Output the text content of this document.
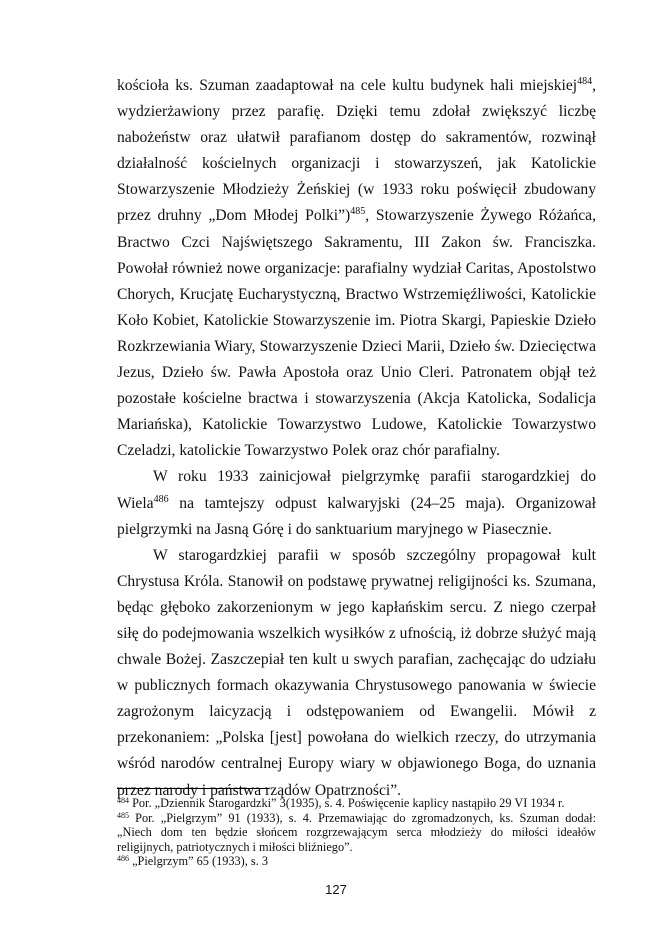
kościoła ks. Szuman zaadaptował na cele kultu budynek hali miejskiej$^{484}$, wydzierżawiony przez parafię. Dzięki temu zdołał zwiększyć liczbę nabożeństw oraz ułatwił parafianom dostęp do sakramentów, rozwinął działalność kościelnych organizacji i stowarzyszeń, jak Katolickie Stowarzyszenie Młodzieży Żeńskiej (w 1933 roku poświęcił zbudowany przez druhny „Dom Młodej Polki”)$^{485}$, Stowarzyszenie Żywego Różańca, Bractwo Czci Najświętszego Sakramentu, III Zakon św. Franciszka. Powołał również nowe organizacje: parafialny wydział Caritas, Apostolstwo Chorych, Krucjatę Eucharystyczną, Bractwo Wstrzemięźliwości, Katolickie Koło Kobiet, Katolickie Stowarzyszenie im. Piotra Skargi, Papieskie Dzieło Rozkrzewiania Wiary, Stowarzyszenie Dzieci Marii, Dzieło św. Dziecięctwa Jezus, Dzieło św. Pawła Apostoła oraz Unio Cleri. Patronatem objął też pozostałe kościelne bractwa i stowarzyszenia (Akcja Katolicka, Sodalicja Mariańska), Katolickie Towarzystwo Ludowe, Katolickie Towarzystwo Czeladzi, katolickie Towarzystwo Polek oraz chór parafialny.

W roku 1933 zainicjował pielgrzymkę parafii starogardzkiej do Wiela$^{486}$ na tamtejszy odpust kalwaryjski (24–25 maja). Organizował pielgrzymki na Jasną Górę i do sanktuarium maryjnego w Piasecznie.

W starogardzkiej parafii w sposób szczególny propagował kult Chrystusa Króla. Stanowił on podstawę prywatnej religijności ks. Szumana, będąc głęboko zakorzenionym w jego kapłańskim sercu. Z niego czerpał siłę do podejmowania wszelkich wysiłków z ufnością, iż dobrze służyć mają chwale Bożej. Zaszczepiał ten kult u swych parafian, zachęcając do udziału w publicznych formach okazywania Chrystusowego panowania w świecie zagrożonym laicyzacją i odstępowaniem od Ewangelii. Mówił z przekonaniem: „Polska [jest] powołana do wielkich rzeczy, do utrzymania wśród narodów centralnej Europy wiary w objawionego Boga, do uznania przez narody i państwa rządów Opatrzności”.

$^{484}$ Por. „Dziennik Starogardzki” 3(1935), s. 4. Poświęcenie kaplicy nastąpiło 29 VI 1934 r.

$^{485}$ Por. „Pielgrzym” 91 (1933), s. 4. Przemawiając do zgromadzonych, ks. Szuman dodał: „Niech dom ten będzie słońcem rozgrzewającym serca młodzieży do miłości ideałów religijnych, patriotycznych i miłości bliźniego”.

$^{486}$ „Pielgrzym” 65 (1933), s. 3

127
